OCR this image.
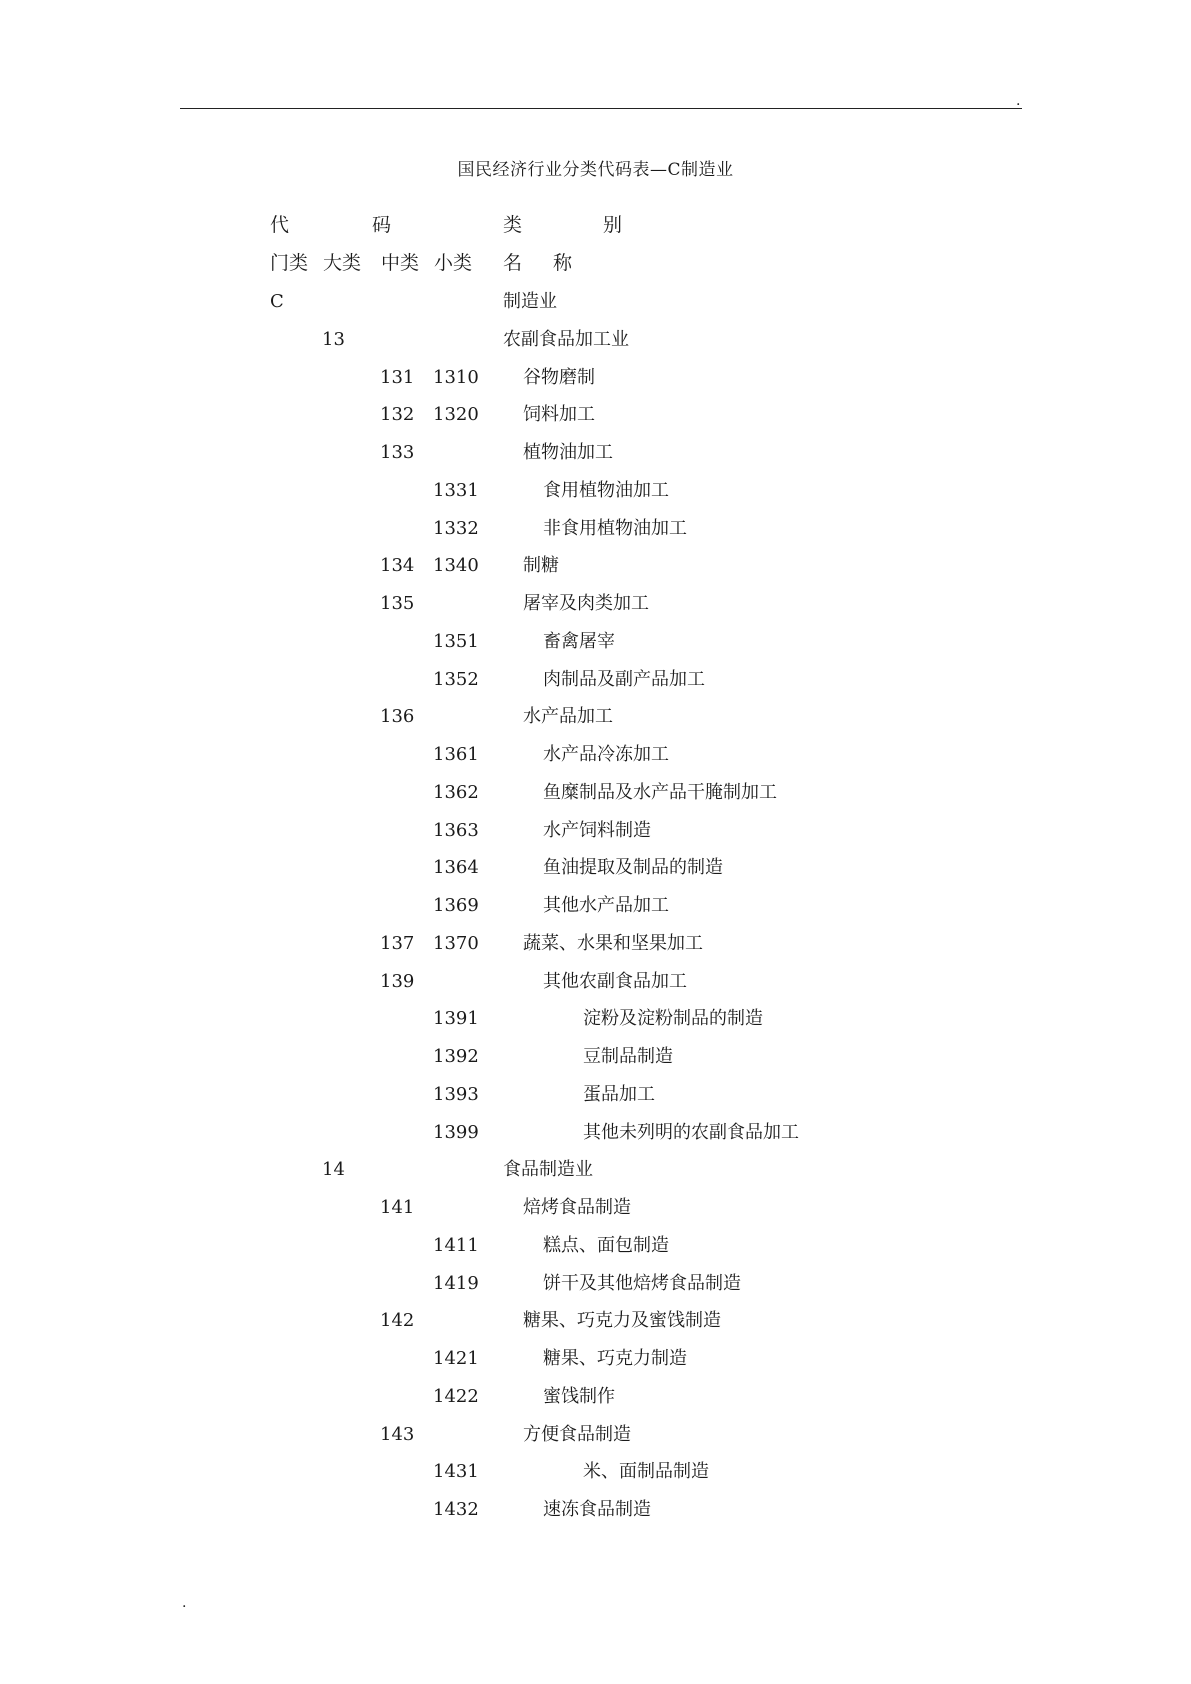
.
国民经济行业分类代码表—C制造业
代	码	类	别
门类 大类 中类 小类 名 称
C	制造业
13	农副食品加工业
131 1310 谷物磨制
132 1320 饲料加工
133	植物油加工
1331	食用植物油加工
1332	非食用植物油加工
134 1340 制糖
135	屠宰及肉类加工
1351	畜禽屠宰
1352	肉制品及副产品加工
136	水产品加工
1361	水产品冷冻加工
1362	鱼糜制品及水产品干腌制加工
1363	水产饲料制造
1364	鱼油提取及制品的制造
1369	其他水产品加工
137 1370 蔬菜、水果和坚果加工
139	其他农副食品加工
1391	淀粉及淀粉制品的制造
1392	豆制品制造
1393	蛋品加工
1399	其他未列明的农副食品加工
14	食品制造业
141	焙烤食品制造
1411	糕点、面包制造
1419	饼干及其他焙烤食品制造
142	糖果、巧克力及蜜饯制造
1421	糖果、巧克力制造
1422	蜜饯制作
143	方便食品制造
1431	米、面制品制造
1432	速冻食品制造
.
